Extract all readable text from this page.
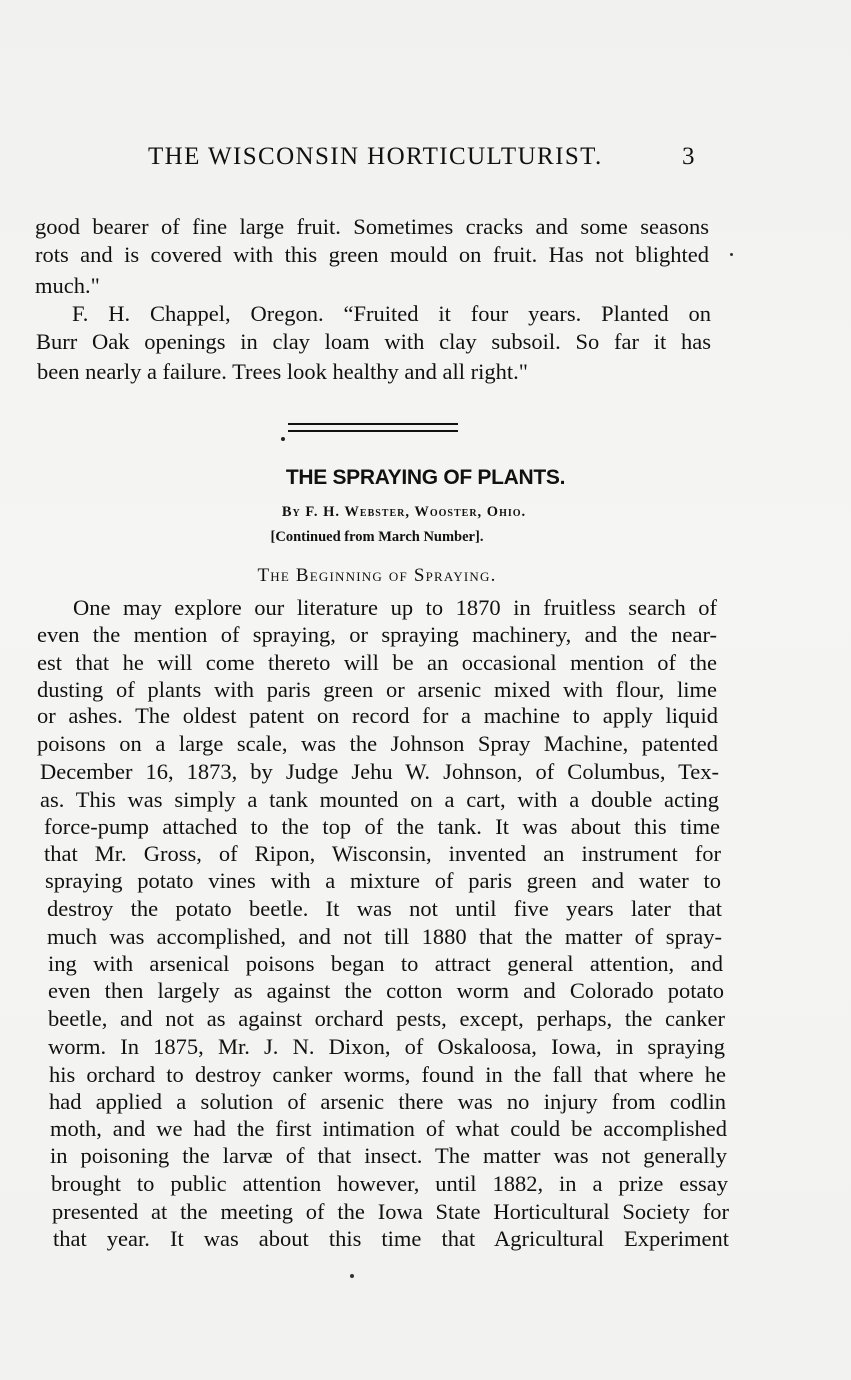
THE WISCONSIN HORTICULTURIST.	3
good bearer of fine large fruit. Sometimes cracks and some seasons
rots and is covered with this green mould on fruit. Has not blighted
much."
F. H. Chappel, Oregon. “Fruited it four years. Planted on
Burr Oak openings in clay loam with clay subsoil. So far it has
been nearly a failure. Trees look healthy and all right."
THE SPRAYING OF PLANTS.
By F. H. Webster, Wooster, Ohio.
[Continued from March Number].
The Beginning of Spraying.
One may explore our literature up to 1870 in fruitless search of
even the mention of spraying, or spraying machinery, and the near-
est that he will come thereto will be an occasional mention of the
dusting of plants with paris green or arsenic mixed with flour, lime
or ashes. The oldest patent on record for a machine to apply liquid
poisons on a large scale, was the Johnson Spray Machine, patented
December 16, 1873, by Judge Jehu W. Johnson, of Columbus, Tex-
as. This was simply a tank mounted on a cart, with a double acting
force-pump attached to the top of the tank. It was about this time
that Mr. Gross, of Ripon, Wisconsin, invented an instrument for
spraying potato vines with a mixture of paris green and water to
destroy the potato beetle. It was not until five years later that
much was accomplished, and not till 1880 that the matter of spray-
ing with arsenical poisons began to attract general attention, and
even then largely as against the cotton worm and Colorado potato
beetle, and not as against orchard pests, except, perhaps, the canker
worm. In 1875, Mr. J. N. Dixon, of Oskaloosa, Iowa, in spraying
his orchard to destroy canker worms, found in the fall that where he
had applied a solution of arsenic there was no injury from codlin
moth, and we had the first intimation of what could be accomplished
in poisoning the larvæ of that insect. The matter was not generally
brought to public attention however, until 1882, in a prize essay
presented at the meeting of the Iowa State Horticultural Society for
that year. It was about this time that Agricultural Experiment
